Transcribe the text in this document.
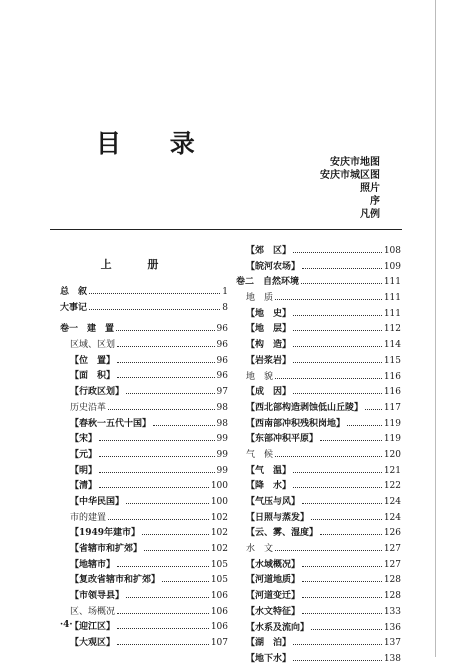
目 录
安庆市地图
安庆市城区图
照片
序
凡例
上 册
总　叙	1
大事记	8
卷一　建　置	96
区域、区划	96
【位　置】	96
【面　积】	96
【行政区划】	97
历史沿革	98
【春秋一五代十国】	98
【宋】	99
【元】	99
【明】	99
【清】	100
【中华民国】	100
市的建置	102
【1949年建市】	102
【省辖市和扩郊】	102
【地辖市】	105
【复改省辖市和扩郊】	105
【市领导县】	106
区、场概况	106
【迎江区】	106
【大观区】	107
【郊　区】	108
【皖河农场】	109
卷二　自然环境	111
地　质	111
【地　史】	111
【地　层】	112
【构　造】	114
【岩浆岩】	115
地　貌	116
【成　因】	116
【西北部构造剥蚀低山丘陵】 117
【西南部冲积残积岗地】	119
【东部冲积平原】	119
气　候	120
【气　温】	121
【降　水】	122
【气压与风】	124
【日照与蒸发】	124
【云、雾、湿度】	126
水　文	127
【水域概况】	127
【河道地质】	128
【河道变迁】	128
【水文特征】	133
【水系及流向】	136
【湖　泊】	137
【地下水】	138
·4·
